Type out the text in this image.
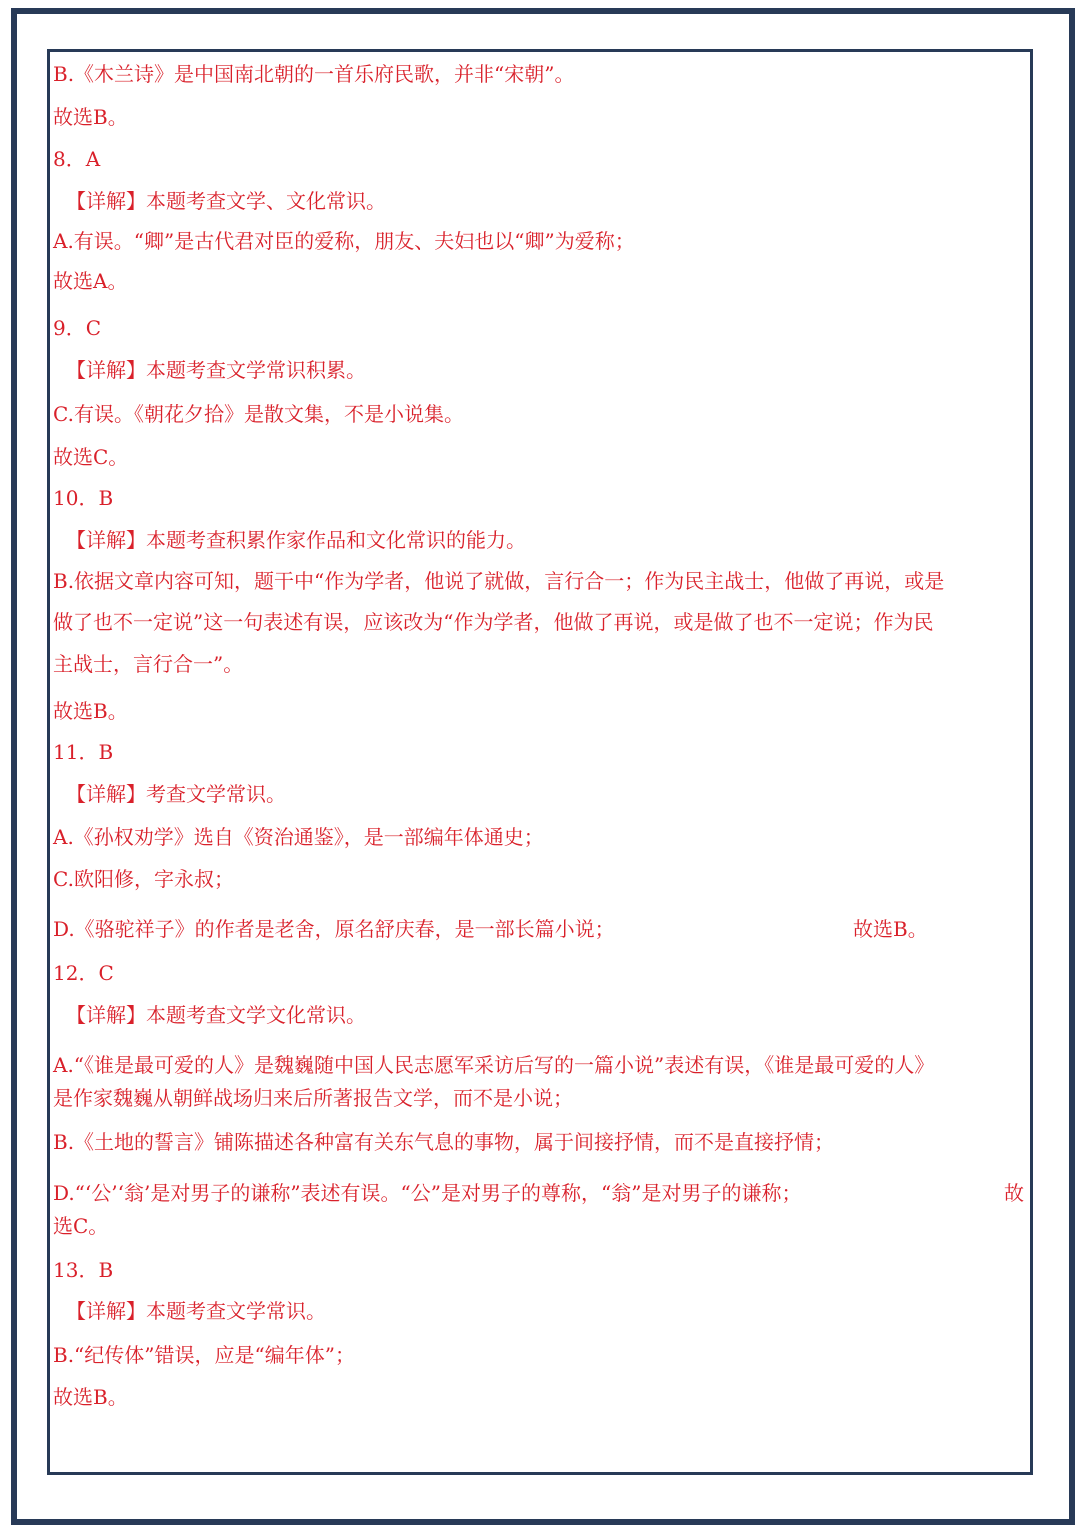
B.《木兰诗》是中国南北朝的一首乐府民歌，并非“宋朝”。
故选B。
8．A
【详解】本题考查文学、文化常识。
A.有误。“卿”是古代君对臣的爱称，朋友、夫妇也以“卿”为爱称；
故选A。
9．C
【详解】本题考查文学常识积累。
C.有误。《朝花夕拾》是散文集，不是小说集。
故选C。
10．B
【详解】本题考查积累作家作品和文化常识的能力。
B.依据文章内容可知，题干中“作为学者，他说了就做，言行合一；作为民主战士，他做了再说，或是
做了也不一定说”这一句表述有误，应该改为“作为学者，他做了再说，或是做了也不一定说；作为民
主战士，言行合一”。
故选B。
11．B
【详解】考查文学常识。
A.《孙权劝学》选自《资治通鉴》，是一部编年体通史；
C.欧阳修，字永叔；
D.《骆驼祥子》的作者是老舍，原名舒庆春，是一部长篇小说；	故选B。
12．C
【详解】本题考查文学文化常识。
A.“《谁是最可爱的人》是魏巍随中国人民志愿军采访后写的一篇小说”表述有误，《谁是最可爱的人》
是作家魏巍从朝鲜战场归来后所著报告文学，而不是小说；
B.《土地的誓言》铺陈描述各种富有关东气息的事物，属于间接抒情，而不是直接抒情；
D.“‘公’‘翁’是对男子的谦称”表述有误。“公”是对男子的尊称，“翁”是对男子的谦称；	故
选C。
13．B
【详解】本题考查文学常识。
B.“纪传体”错误，应是“编年体”；
故选B。
